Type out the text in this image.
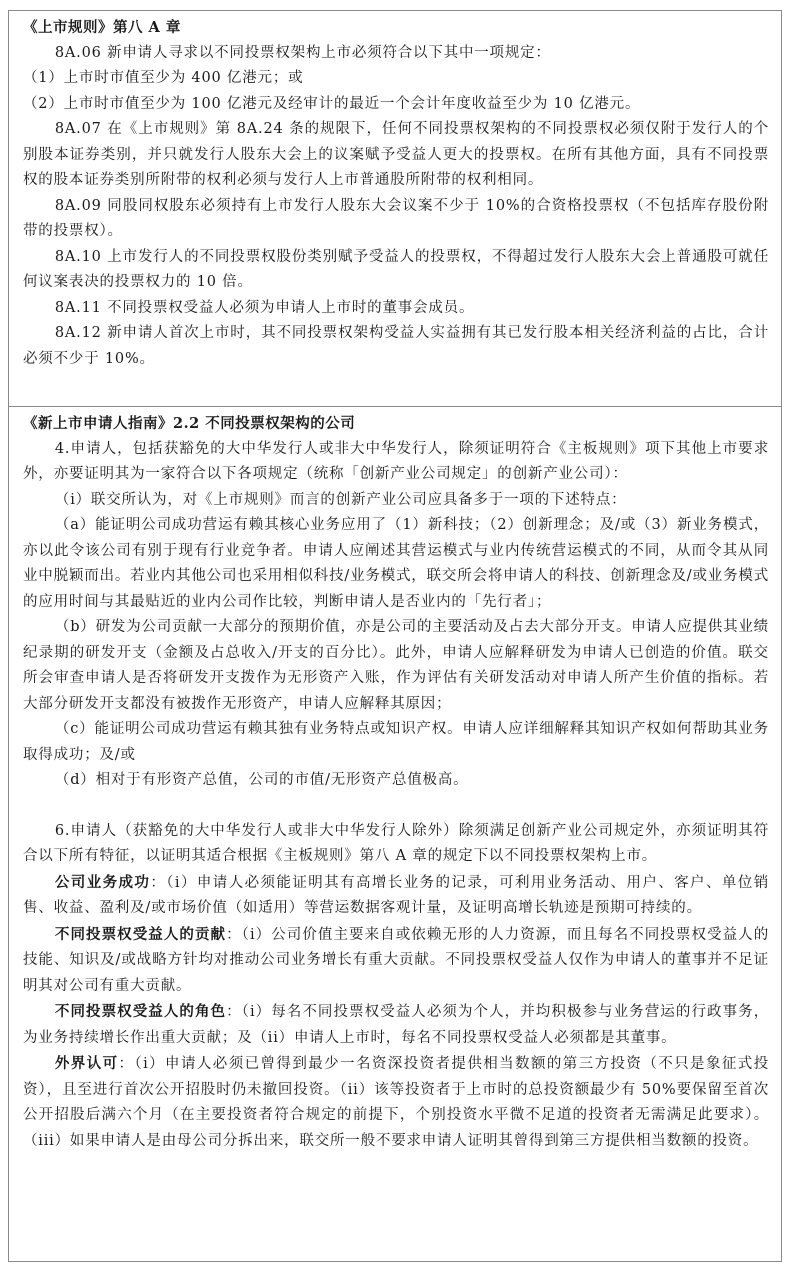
《上市规则》第八 A 章

8A.06 新申请人寻求以不同投票权架构上市必须符合以下其中一项规定：

（1）上市时市值至少为 400 亿港元；或

（2）上市时市值至少为 100 亿港元及经审计的最近一个会计年度收益至少为 10 亿港元。

8A.07 在《上市规则》第 8A.24 条的规限下，任何不同投票权架构的不同投票权必须仅附于发行人的个别股本证券类别，并只就发行人股东大会上的议案赋予受益人更大的投票权。在所有其他方面，具有不同投票权的股本证券类别所附带的权利必须与发行人上市普通股所附带的权利相同。

8A.09 同股同权股东必须持有上市发行人股东大会议案不少于 10%的合资格投票权（不包括库存股份附带的投票权）。

8A.10 上市发行人的不同投票权股份类别赋予受益人的投票权，不得超过发行人股东大会上普通股可就任何议案表决的投票权力的 10 倍。

8A.11 不同投票权受益人必须为申请人上市时的董事会成员。

8A.12 新申请人首次上市时，其不同投票权架构受益人实益拥有其已发行股本相关经济利益的占比，合计必须不少于 10%。

《新上市申请人指南》2.2 不同投票权架构的公司

4.申请人，包括获豁免的大中华发行人或非大中华发行人，除须证明符合《主板规则》项下其他上市要求外，亦要证明其为一家符合以下各项规定（统称「创新产业公司规定」的创新产业公司）：

（i）联交所认为，对《上市规则》而言的创新产业公司应具备多于一项的下述特点：

（a）能证明公司成功营运有赖其核心业务应用了（1）新科技；（2）创新理念；及/或（3）新业务模式，亦以此令该公司有别于现有行业竞争者。申请人应阐述其营运模式与业内传统营运模式的不同，从而令其从同业中脱颖而出。若业内其他公司也采用相似科技/业务模式，联交所会将申请人的科技、创新理念及/或业务模式的应用时间与其最贴近的业内公司作比较，判断申请人是否业内的「先行者」；

（b）研发为公司贡献一大部分的预期价值，亦是公司的主要活动及占去大部分开支。申请人应提供其业绩纪录期的研发开支（金额及占总收入/开支的百分比）。此外，申请人应解释研发为申请人已创造的价值。联交所会审查申请人是否将研发开支拨作为无形资产入账，作为评估有关研发活动对申请人所产生价值的指标。若大部分研发开支都没有被拨作无形资产，申请人应解释其原因；

（c）能证明公司成功营运有赖其独有业务特点或知识产权。申请人应详细解释其知识产权如何帮助其业务取得成功；及/或

（d）相对于有形资产总值，公司的市值/无形资产总值极高。

6.申请人（获豁免的大中华发行人或非大中华发行人除外）除须满足创新产业公司规定外，亦须证明其符合以下所有特征，以证明其适合根据《主板规则》第八 A 章的规定下以不同投票权架构上市。

公司业务成功：（i）申请人必须能证明其有高增长业务的记录，可利用业务活动、用户、客户、单位销售、收益、盈利及/或市场价值（如适用）等营运数据客观计量，及证明高增长轨迹是预期可持续的。

不同投票权受益人的贡献：（i）公司价值主要来自或依赖无形的人力资源，而且每名不同投票权受益人的技能、知识及/或战略方针均对推动公司业务增长有重大贡献。不同投票权受益人仅作为申请人的董事并不足证明其对公司有重大贡献。

不同投票权受益人的角色：（i）每名不同投票权受益人必须为个人，并均积极参与业务营运的行政事务，为业务持续增长作出重大贡献；及（ii）申请人上市时，每名不同投票权受益人必须都是其董事。

外界认可：（i）申请人必须已曾得到最少一名资深投资者提供相当数额的第三方投资（不只是象征式投资），且至进行首次公开招股时仍未撤回投资。（ii）该等投资者于上市时的总投资额最少有 50%要保留至首次公开招股后满六个月（在主要投资者符合规定的前提下，个别投资水平微不足道的投资者无需满足此要求）。（iii）如果申请人是由母公司分拆出来，联交所一般不要求申请人证明其曾得到第三方提供相当数额的投资。
